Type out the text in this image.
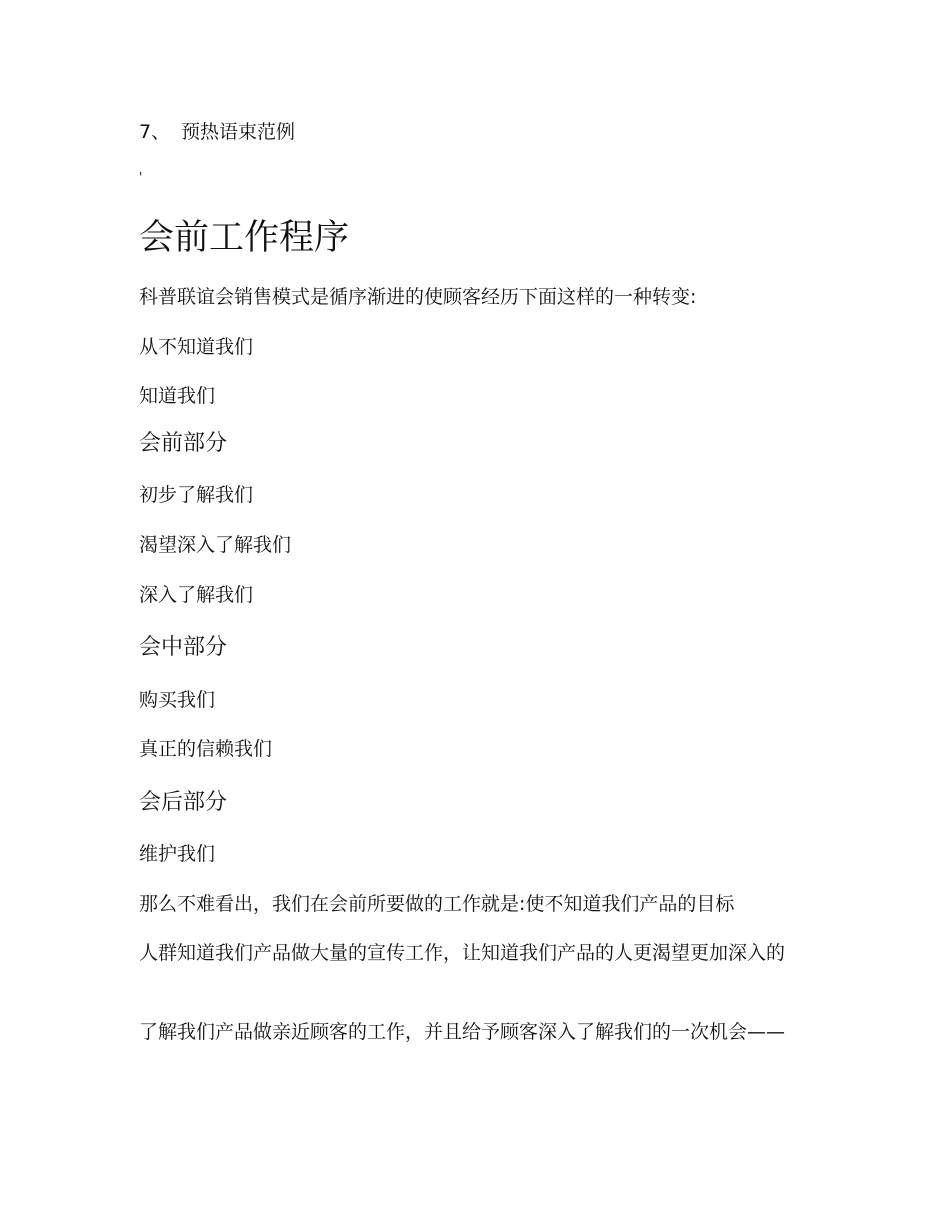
7、 预热语束范例

'

会前工作程序

科普联谊会销售模式是循序渐进的使顾客经历下面这样的一种转变:

从不知道我们

知道我们

会前部分

初步了解我们

渴望深入了解我们

深入了解我们

会中部分

购买我们

真正的信赖我们

会后部分

维护我们

那么不难看出，我们在会前所要做的工作就是:使不知道我们产品的目标

人群知道我们产品做大量的宣传工作，让知道我们产品的人更渴望更加深入的

了解我们产品做亲近顾客的工作，并且给予顾客深入了解我们的一次机会——
